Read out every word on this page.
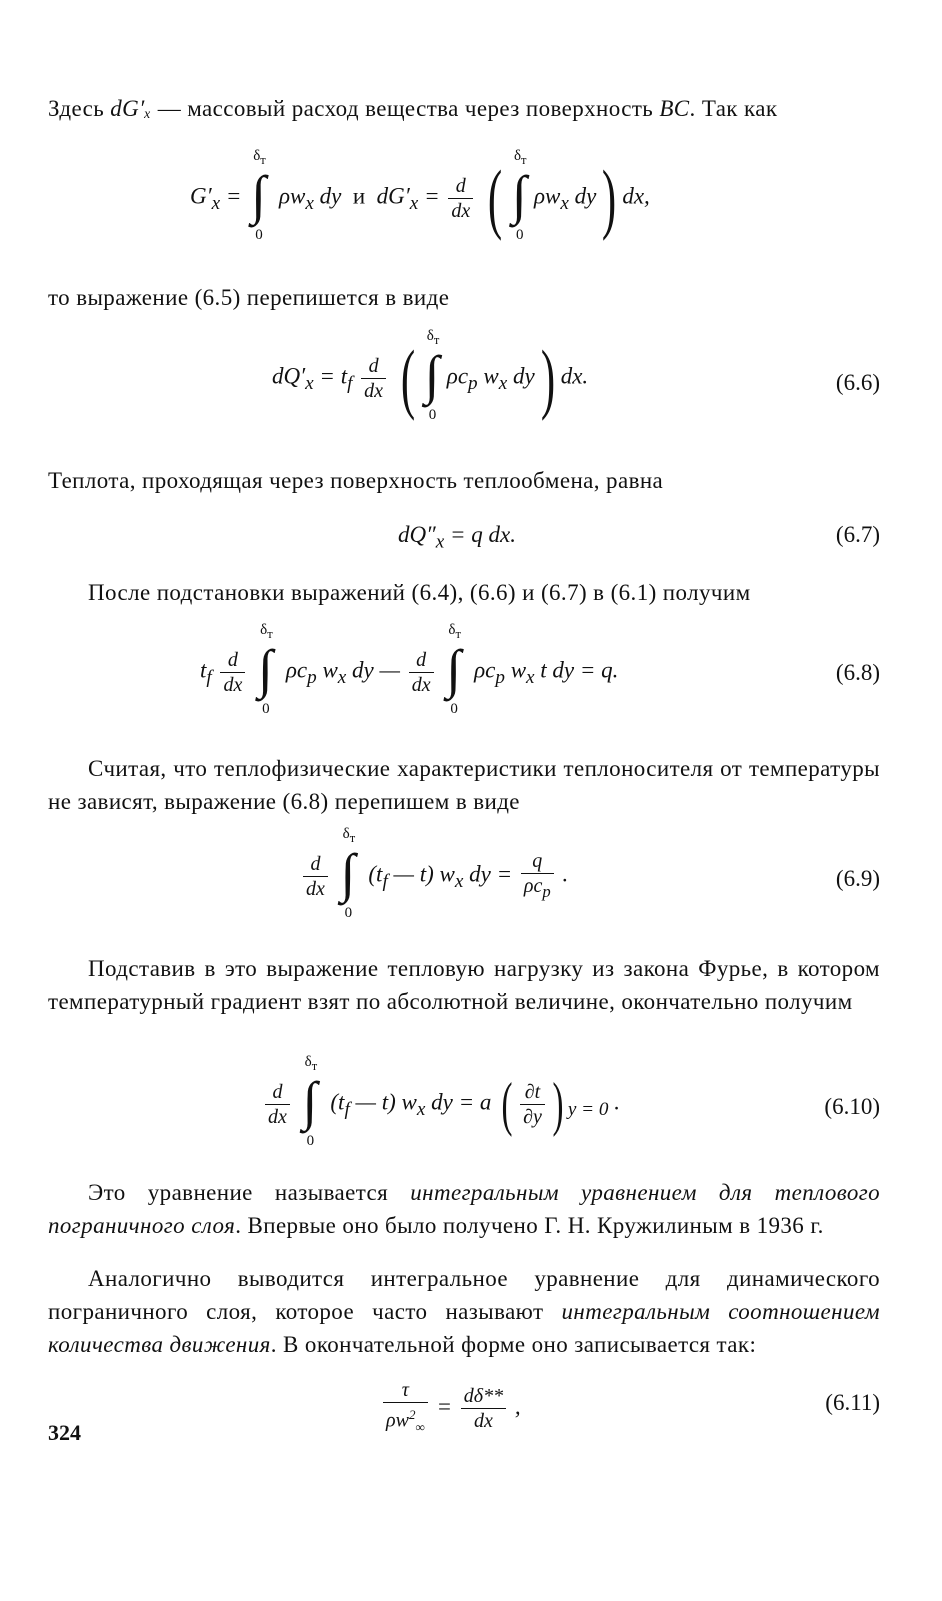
Здесь dG′ₓ — массовый расход вещества через поверхность BC. Так как
$G'_x$ =
$\delta_т$
∫
0
$\rho w_x$ dy  и  $dG'_x = \frac{d}{dx}$ ( $\delta_т$
∫
0
$\rho w_x$ dy) dx,
то выражение (6.5) перепишется в виде
$dQ'_x = t_f \frac{d}{dx}$ ( $\delta_т$
∫
0
$\rho c_p$ $w_x$ dy) dx.	(6.6)
Теплота, проходящая через поверхность теплообмена, равна
$dQ''_x = q$ dx.	(6.7)
После подстановки выражений (6.4), (6.6) и (6.7) в (6.1) получим
$t_f \frac{d}{dx}$

$\delta_т$
∫
0
$\rho c_p$ $w_x$ dy — $\frac{d}{dx}$

$\delta_т$
∫
0
$\rho c_p$ $w_x$ t dy = q.	(6.8)
Считая, что теплофизические характеристики теплоносителя от температуры не зависят, выражение (6.8) перепишем в виде
$\frac{d}{dx}$

$\delta_т$
∫
0
($t_f$ — t) $w_x$ dy = $\frac{q}{\rho c_p}$ .	(6.9)
Подставив в это выражение тепловую нагрузку из закона Фурье, в котором температурный градиент взят по абсолютной величине, окончательно получим
$\frac{d}{dx}$

$\delta_т$
∫
0
($t_f$ — t) $w_x$ dy = a ( $\frac{\partial t}{\partial y}$ ) $_{y = 0}$ .	(6.10)
Это уравнение называется интегральным уравнением для теплового пограничного слоя. Впервые оно было получено Г. Н. Кружилиным в 1936 г.
Аналогично выводится интегральное уравнение для динамического пограничного слоя, которое часто называют интегральным соотношением количества движения. В окончательной форме оно записывается так:
$\frac{\tau}{\rho w^2_\infty} = \frac{d\delta**}{dx}$ ,	(6.11)
324
